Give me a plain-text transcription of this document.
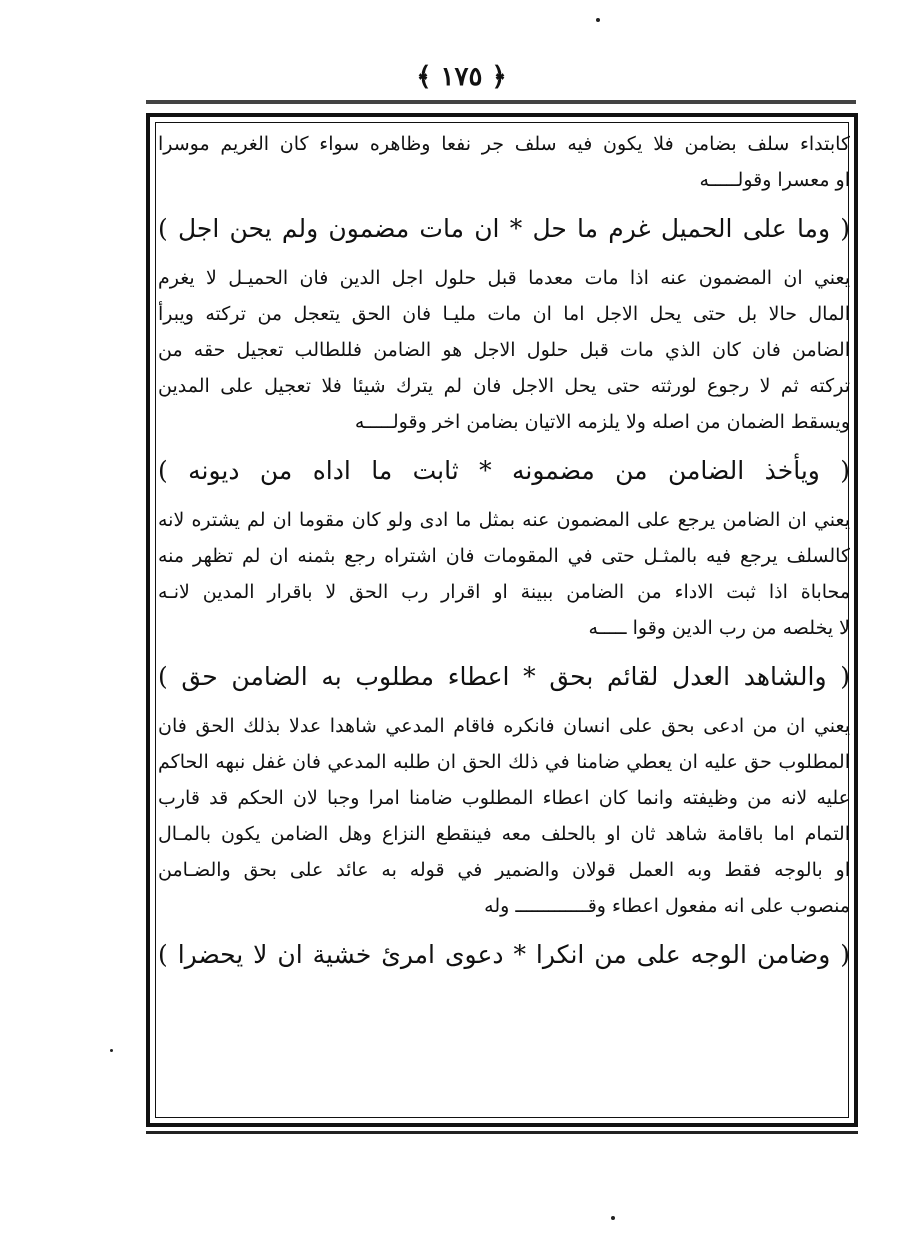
﴿ ١٧٥ ﴾
كابتداء سلف بضامن فلا يكون فيه سلف جر نفعا وظاهره سواء كان الغريم موسرا
او معسرا وقولـــــه
( وما على الحميل غرم ما حل * ان مات مضمون ولم يحن اجل )
يعني ان المضمون عنه اذا مات معدما قبل حلول اجل الدين فان الحميـل لا يغرم
المال حالا بل حتى يحل الاجل اما ان مات مليـا فان الحق يتعجل من تركته ويبرأ
الضامن فان كان الذي مات قبل حلول الاجل هو الضامن فللطالب تعجيل حقه من
تركته ثم لا رجوع لورثته حتى يحل الاجل فان لم يترك شيئا فلا تعجيل على المدين
ويسقط الضمان من اصله ولا يلزمه الاتيان بضامن اخر وقولـــــه
( ويأخذ الضامن من مضمونه * ثابت ما اداه من ديونه )
يعني ان الضامن يرجع على المضمون عنه بمثل ما ادى ولو كان مقوما ان لم يشتره لانه
كالسلف يرجع فيه بالمثـل حتى في المقومات فان اشتراه رجع بثمنه ان لم تظهر منه
محاباة اذا ثبت الاداء من الضامن ببينة او اقرار رب الحق لا باقرار المدين لانـه
لا يخلصه من رب الدين وقوا ـــــه
( والشاهد العدل لقائم بحق * اعطاء مطلوب به الضامن حق )
يعني ان من ادعى بحق على انسان فانكره فاقام المدعي شاهدا عدلا بذلك الحق فان
المطلوب حق عليه ان يعطي ضامنا في ذلك الحق ان طلبه المدعي فان غفل نبهه الحاكم
عليه لانه من وظيفته وانما كان اعطاء المطلوب ضامنا امرا وجبا لان الحكم قد قارب
التمام اما باقامة شاهد ثان او بالحلف معه فينقطع النزاع وهل الضامن يكون بالمـال
او بالوجه فقط وبه العمل قولان والضمير في قوله به عائد على بحق والضـامن
منصوب على انه مفعول اعطاء وقـــــــــــــ وله
( وضامن الوجه على من انكرا * دعوى امرئ خشية ان لا يحضرا )
